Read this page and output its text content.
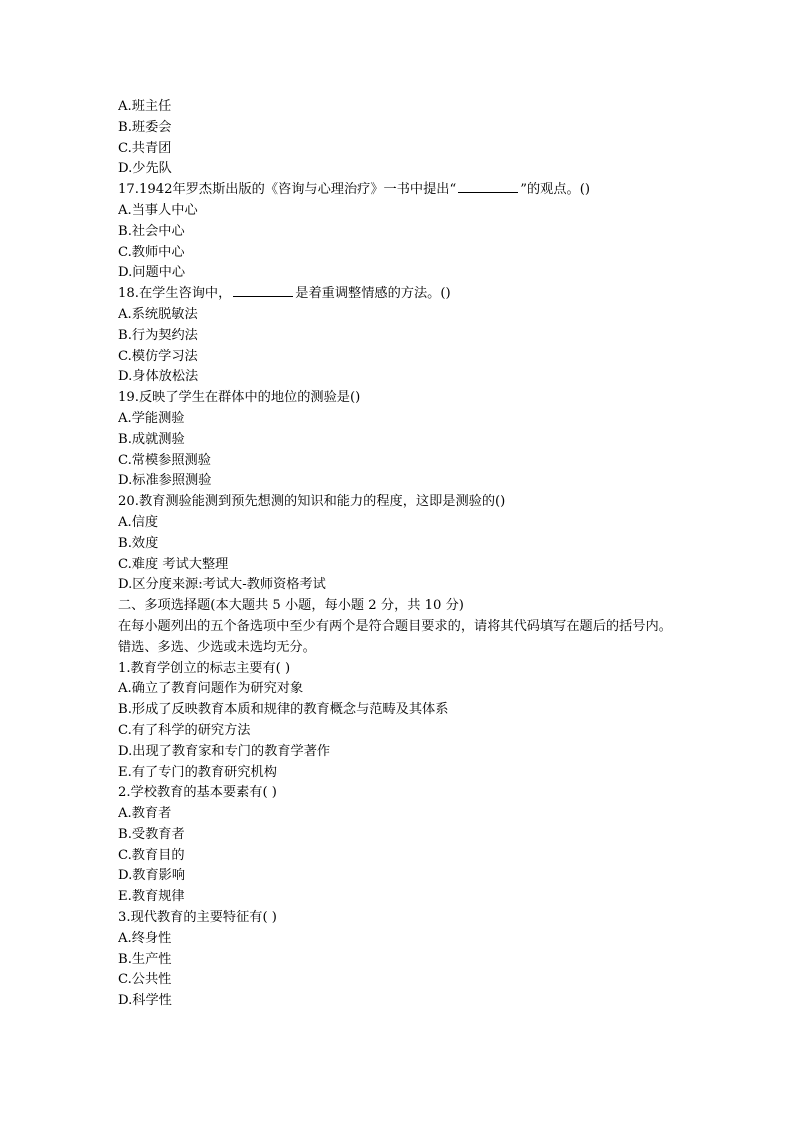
A.班主任
B.班委会
C.共青团
D.少先队
17.1942年罗杰斯出版的《咨询与心理治疗》一书中提出“	”的观点。()
A.当事人中心
B.社会中心
C.教师中心
D.问题中心
18.在学生咨询中，	是着重调整情感的方法。()
A.系统脱敏法
B.行为契约法
C.模仿学习法
D.身体放松法
19.反映了学生在群体中的地位的测验是()
A.学能测验
B.成就测验
C.常模参照测验
D.标准参照测验
20.教育测验能测到预先想测的知识和能力的程度，这即是测验的()
A.信度
B.效度
C.难度 考试大整理
D.区分度来源:考试大-教师资格考试
二、多项选择题(本大题共 5 小题，每小题 2 分，共 10 分)
在每小题列出的五个备选项中至少有两个是符合题目要求的，请将其代码填写在题后的括号内。错选、多选、少选或未选均无分。
1.教育学创立的标志主要有( )
A.确立了教育问题作为研究对象
B.形成了反映教育本质和规律的教育概念与范畴及其体系
C.有了科学的研究方法
D.出现了教育家和专门的教育学著作
E.有了专门的教育研究机构
2.学校教育的基本要素有( )
A.教育者
B.受教育者
C.教育目的
D.教育影响
E.教育规律
3.现代教育的主要特征有( )
A.终身性
B.生产性
C.公共性
D.科学性
